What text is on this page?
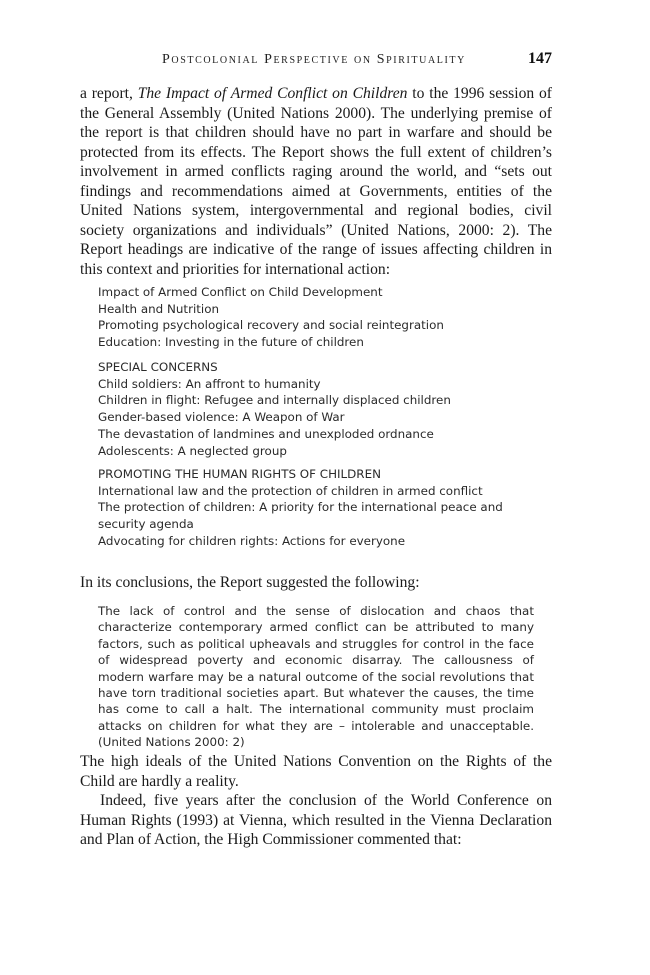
Postcolonial Perspective on Spirituality	147

a report, The Impact of Armed Conflict on Children to the 1996 session of the General Assembly (United Nations 2000). The underlying premise of the report is that children should have no part in warfare and should be protected from its effects. The Report shows the full extent of children’s involvement in armed conflicts raging around the world, and “sets out findings and recommendations aimed at Governments, entities of the United Nations system, intergovernmental and regional bodies, civil society organizations and individuals” (United Nations, 2000: 2). The Report headings are indicative of the range of issues affecting children in this context and priorities for international action:

Impact of Armed Conflict on Child Development

Health and Nutrition

Promoting psychological recovery and social reintegration

Education: Investing in the future of children

SPECIAL CONCERNS

Child soldiers: An affront to humanity

Children in flight: Refugee and internally displaced children

Gender-based violence: A Weapon of War

The devastation of landmines and unexploded ordnance

Adolescents: A neglected group

PROMOTING THE HUMAN RIGHTS OF CHILDREN

International law and the protection of children in armed conflict

The protection of children: A priority for the international peace and security agenda

Advocating for children rights: Actions for everyone

In its conclusions, the Report suggested the following:

The lack of control and the sense of dislocation and chaos that characterize contemporary armed conflict can be attributed to many factors, such as political upheavals and struggles for control in the face of widespread poverty and economic disarray. The callousness of modern warfare may be a natural outcome of the social revolutions that have torn traditional societies apart. But whatever the causes, the time has come to call a halt. The international community must proclaim attacks on children for what they are – intolerable and unacceptable. (United Nations 2000: 2)

The high ideals of the United Nations Convention on the Rights of the Child are hardly a reality.

Indeed, five years after the conclusion of the World Conference on Human Rights (1993) at Vienna, which resulted in the Vienna Declaration and Plan of Action, the High Commissioner commented that:
